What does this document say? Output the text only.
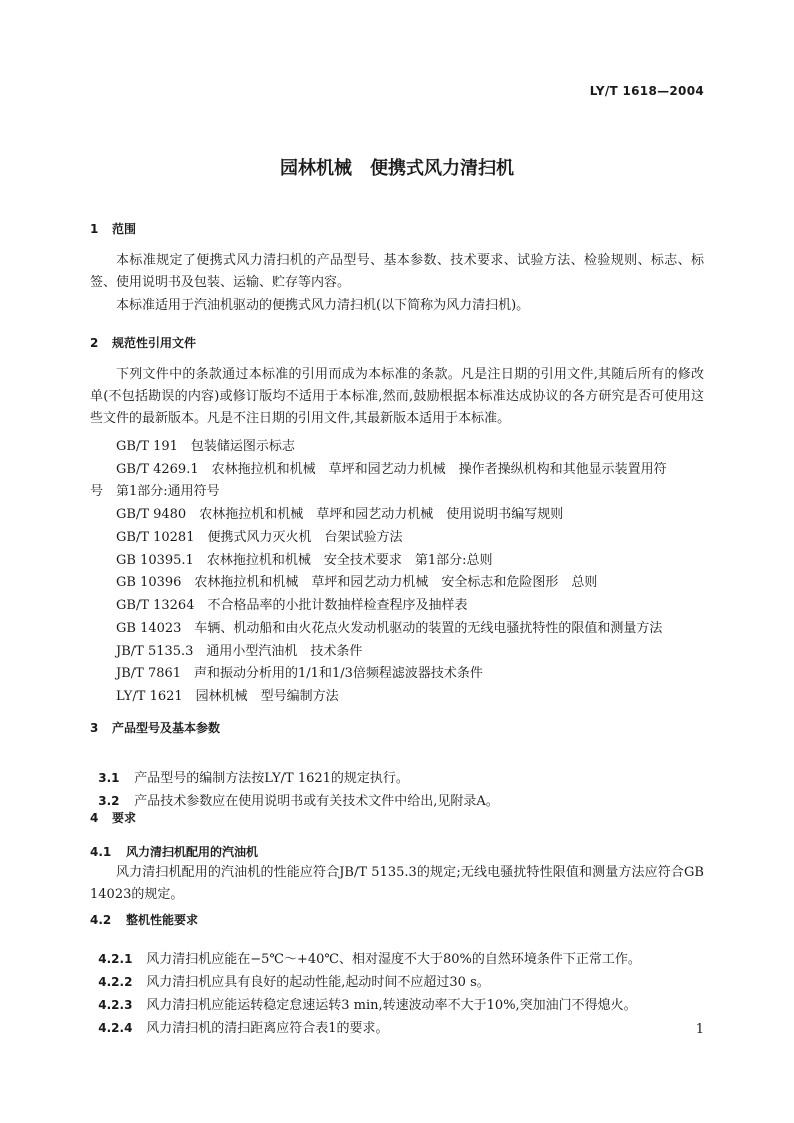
LY/T 1618—2004
园林机械　便携式风力清扫机
1 范围
本标准规定了便携式风力清扫机的产品型号、基本参数、技术要求、试验方法、检验规则、标志、标签、使用说明书及包装、运输、贮存等内容。
本标准适用于汽油机驱动的便携式风力清扫机(以下简称为风力清扫机)。
2 规范性引用文件
下列文件中的条款通过本标准的引用而成为本标准的条款。凡是注日期的引用文件,其随后所有的修改单(不包括勘误的内容)或修订版均不适用于本标准,然而,鼓励根据本标准达成协议的各方研究是否可使用这些文件的最新版本。凡是不注日期的引用文件,其最新版本适用于本标准。
GB/T 191　包装储运图示标志
GB/T 4269.1　农林拖拉机和机械　草坪和园艺动力机械　操作者操纵机构和其他显示装置用符
号　第1部分:通用符号
GB/T 9480　农林拖拉机和机械　草坪和园艺动力机械　使用说明书编写规则
GB/T 10281　便携式风力灭火机　台架试验方法
GB 10395.1　农林拖拉机和机械　安全技术要求　第1部分:总则
GB 10396　农林拖拉机和机械　草坪和园艺动力机械　安全标志和危险图形　总则
GB/T 13264　不合格品率的小批计数抽样检查程序及抽样表
GB 14023　车辆、机动船和由火花点火发动机驱动的装置的无线电骚扰特性的限值和测量方法
JB/T 5135.3　通用小型汽油机　技术条件
JB/T 7861　声和振动分析用的1/1和1/3倍频程滤波器技术条件
LY/T 1621　园林机械　型号编制方法
3 产品型号及基本参数

3.1 产品型号的编制方法按LY/T 1621的规定执行。

3.2 产品技术参数应在使用说明书或有关技术文件中给出,见附录A。

4 要求
4.1 风力清扫机配用的汽油机
风力清扫机配用的汽油机的性能应符合JB/T 5135.3的规定;无线电骚扰特性限值和测量方法应符合GB 14023的规定。
4.2 整机性能要求

4.2.1 风力清扫机应能在−5℃～+40℃、相对湿度不大于80%的自然环境条件下正常工作。

4.2.2 风力清扫机应具有良好的起动性能,起动时间不应超过30 s。

4.2.3 风力清扫机应能运转稳定怠速运转3 min,转速波动率不大于10%,突加油门不得熄火。

4.2.4 风力清扫机的清扫距离应符合表1的要求。	1
